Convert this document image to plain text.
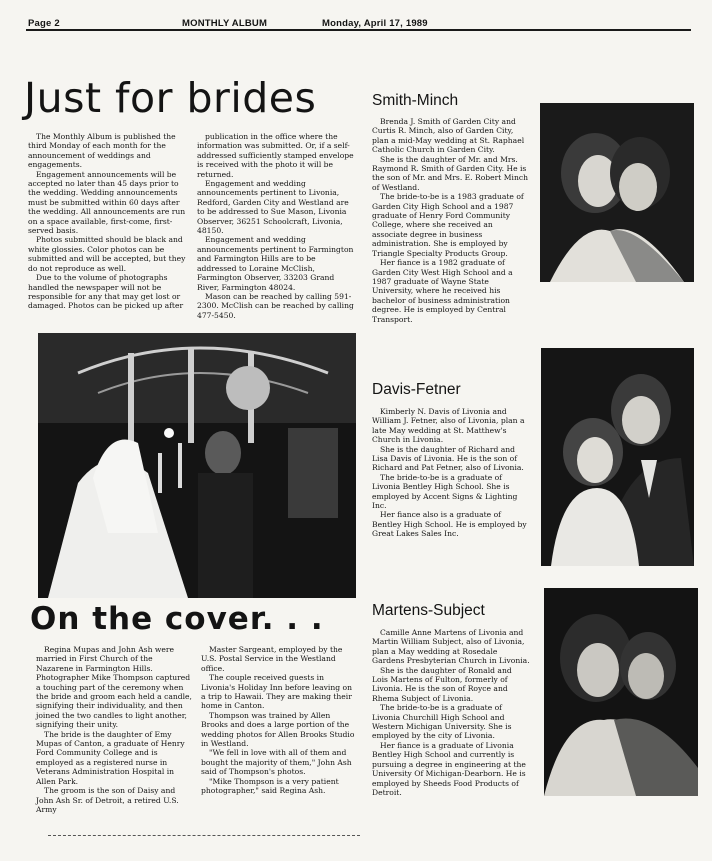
Page 2	MONTHLY ALBUM	Monday, April 17, 1989
Just for brides

The Monthly Album is published the third Monday of each month for the announcement of weddings and engagements.

Engagement announcements will be accepted no later than 45 days prior to the wedding. Wedding announcements must be submitted within 60 days after the wedding. All announcements are run on a space available, first-come, first-served basis.

Photos submitted should be black and white glossies. Color photos can be submitted and will be accepted, but they do not reproduce as well.

Due to the volume of photographs handled the newspaper will not be responsible for any that may get lost or damaged. Photos can be picked up after

publication in the office where the information was submitted. Or, if a self-addressed sufficiently stamped envelope is received with the photo it will be returned.

Engagement and wedding announcements pertinent to Livonia, Redford, Garden City and Westland are to be addressed to Sue Mason, Livonia Observer, 36251 Schoolcraft, Livonia, 48150.

Engagement and wedding announcements pertinent to Farmington and Farmington Hills are to be addressed to Loraine McClish, Farmington Observer, 33203 Grand River, Farmington 48024.

Mason can be reached by calling 591-2300. McClish can be reached by calling 477-5450.

Smith-Minch

Brenda J. Smith of Garden City and Curtis R. Minch, also of Garden City, plan a mid-May wedding at St. Raphael Catholic Church in Garden City.

She is the daughter of Mr. and Mrs. Raymond R. Smith of Garden City. He is the son of Mr. and Mrs. E. Robert Minch of Westland.

The bride-to-be is a 1983 graduate of Garden City High School and a 1987 graduate of Henry Ford Community College, where she received an associate degree in business administration. She is employed by Triangle Specialty Products Group.

Her fiance is a 1982 graduate of Garden City West High School and a 1987 graduate of Wayne State University, where he received his bachelor of business administration degree. He is employed by Central Transport.

Davis-Fetner

Kimberly N. Davis of Livonia and William J. Fetner, also of Livonia, plan a late May wedding at St. Matthew's Church in Livonia.

She is the daughter of Richard and Lisa Davis of Livonia. He is the son of Richard and Pat Fetner, also of Livonia.

The bride-to-be is a graduate of Livonia Bentley High School. She is employed by Accent Signs & Lighting Inc.

Her fiance also is a graduate of Bentley High School. He is employed by Great Lakes Sales Inc.

On the cover. . .

Regina Mupas and John Ash were married in First Church of the Nazarene in Farmington Hills. Photographer Mike Thompson captured a touching part of the ceremony when the bride and groom each held a candle, signifying their individuality, and then joined the two candles to light another, signifying their unity.

The bride is the daughter of Emy Mupas of Canton, a graduate of Henry Ford Community College and is employed as a registered nurse in Veterans Administration Hospital in Allen Park.

The groom is the son of Daisy and John Ash Sr. of Detroit, a retired U.S. Army

Master Sargeant, employed by the U.S. Postal Service in the Westland office.

The couple received guests in Livonia's Holiday Inn before leaving on a trip to Hawaii. They are making their home in Canton.

Thompson was trained by Allen Brooks and does a large portion of the wedding photos for Allen Brooks Studio in Westland.

"We fell in love with all of them and bought the majority of them," John Ash said of Thompson's photos.

"Mike Thompson is a very patient photographer," said Regina Ash.

Martens-Subject

Camille Anne Martens of Livonia and Martin William Subject, also of Livonia, plan a May wedding at Rosedale Gardens Presbyterian Church in Livonia.

She is the daughter of Ronald and Lois Martens of Fulton, formerly of Livonia. He is the son of Royce and Rhema Subject of Livonia.

The bride-to-be is a graduate of Livonia Churchill High School and Western Michigan University. She is employed by the city of Livonia.

Her fiance is a graduate of Livonia Bentley High School and currently is pursuing a degree in engineering at the University Of Michigan-Dearborn. He is employed by Sheeds Food Products of Detroit.
